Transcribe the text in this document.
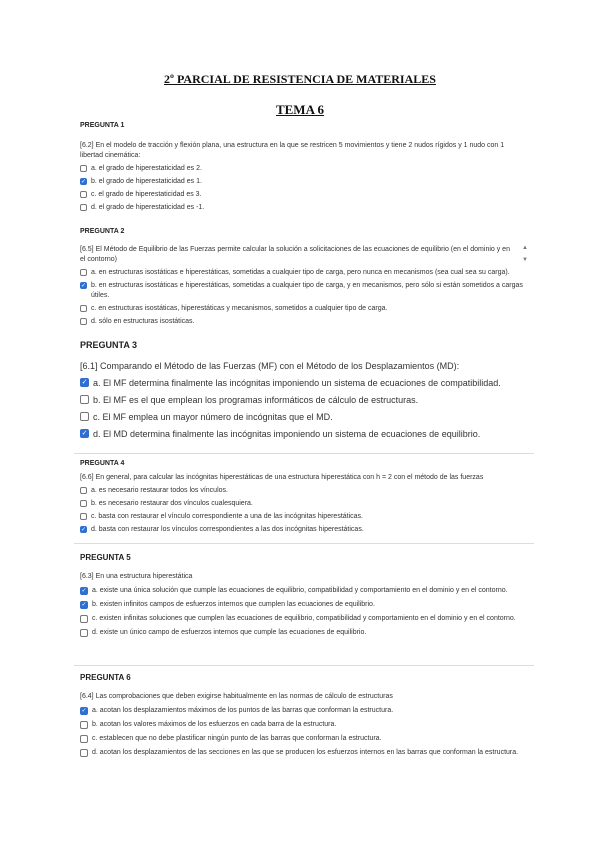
2º PARCIAL DE RESISTENCIA DE MATERIALES
TEMA 6

PREGUNTA 1

[6.2] En el modelo de tracción y flexión plana, una estructura en la que se restricen 5 movimientos y tiene 2 nudos rígidos y 1 nudo con 1 libertad cinemática:

a. el grado de hiperestaticidad es 2.
✓
b. el grado de hiperestaticidad es 1.
c. el grado de hiperestaticidad es 3.
d. el grado de hiperestaticidad es -1.

PREGUNTA 2

[6.5] El Método de Equilibrio de las Fuerzas permite calcular la solución a solicitaciones de las ecuaciones de equilibrio (en el dominio y en el contorno)

▲
▼
a. en estructuras isostáticas e hiperestáticas, sometidas a cualquier tipo de carga, pero nunca en mecanismos (sea cual sea su carga).
✓
b. en estructuras isostáticas e hiperestáticas, sometidas a cualquier tipo de carga, y en mecanismos, pero sólo si están sometidos a cargas útiles.
c. en estructuras isostáticas, hiperestáticas y mecanismos, sometidos a cualquier tipo de carga.
d. sólo en estructuras isostáticas.

PREGUNTA 3

[6.1] Comparando el Método de las Fuerzas (MF) con el Método de los Desplazamientos (MD):

✓
a. El MF determina finalmente las incógnitas imponiendo un sistema de ecuaciones de compatibilidad.
b. El MF es el que emplean los programas informáticos de cálculo de estructuras.
c. El MF emplea un mayor número de incógnitas que el MD.
✓
d. El MD determina finalmente las incógnitas imponiendo un sistema de ecuaciones de equilibrio.

PREGUNTA 4

[6.6] En general, para calcular las incógnitas hiperestáticas de una estructura hiperestática con h = 2 con el método de las fuerzas

a. es necesario restaurar todos los vínculos.
b. es necesario restaurar dos vínculos cualesquiera.
c. basta con restaurar el vínculo correspondiente a una de las incógnitas hiperestáticas.
✓
d. basta con restaurar los vínculos correspondientes a las dos incógnitas hiperestáticas.

PREGUNTA 5

[6.3] En una estructura hiperestática

✓
a. existe una única solución que cumple las ecuaciones de equilibrio, compatibilidad y comportamiento en el dominio y en el contorno.
✓
b. existen infinitos campos de esfuerzos internos que cumplen las ecuaciones de equilibrio.
c. existen infinitas soluciones que cumplen las ecuaciones de equilibrio, compatibilidad y comportamiento en el dominio y en el contorno.
d. existe un único campo de esfuerzos internos que cumple las ecuaciones de equilibrio.

PREGUNTA 6

[6.4] Las comprobaciones que deben exigirse habitualmente en las normas de cálculo de estructuras

✓
a. acotan los desplazamientos máximos de los puntos de las barras que conforman la estructura.
b. acotan los valores máximos de los esfuerzos en cada barra de la estructura.
c. establecen que no debe plastificar ningún punto de las barras que conforman la estructura.
d. acotan los desplazamientos de las secciones en las que se producen los esfuerzos internos en las barras que conforman la estructura.
